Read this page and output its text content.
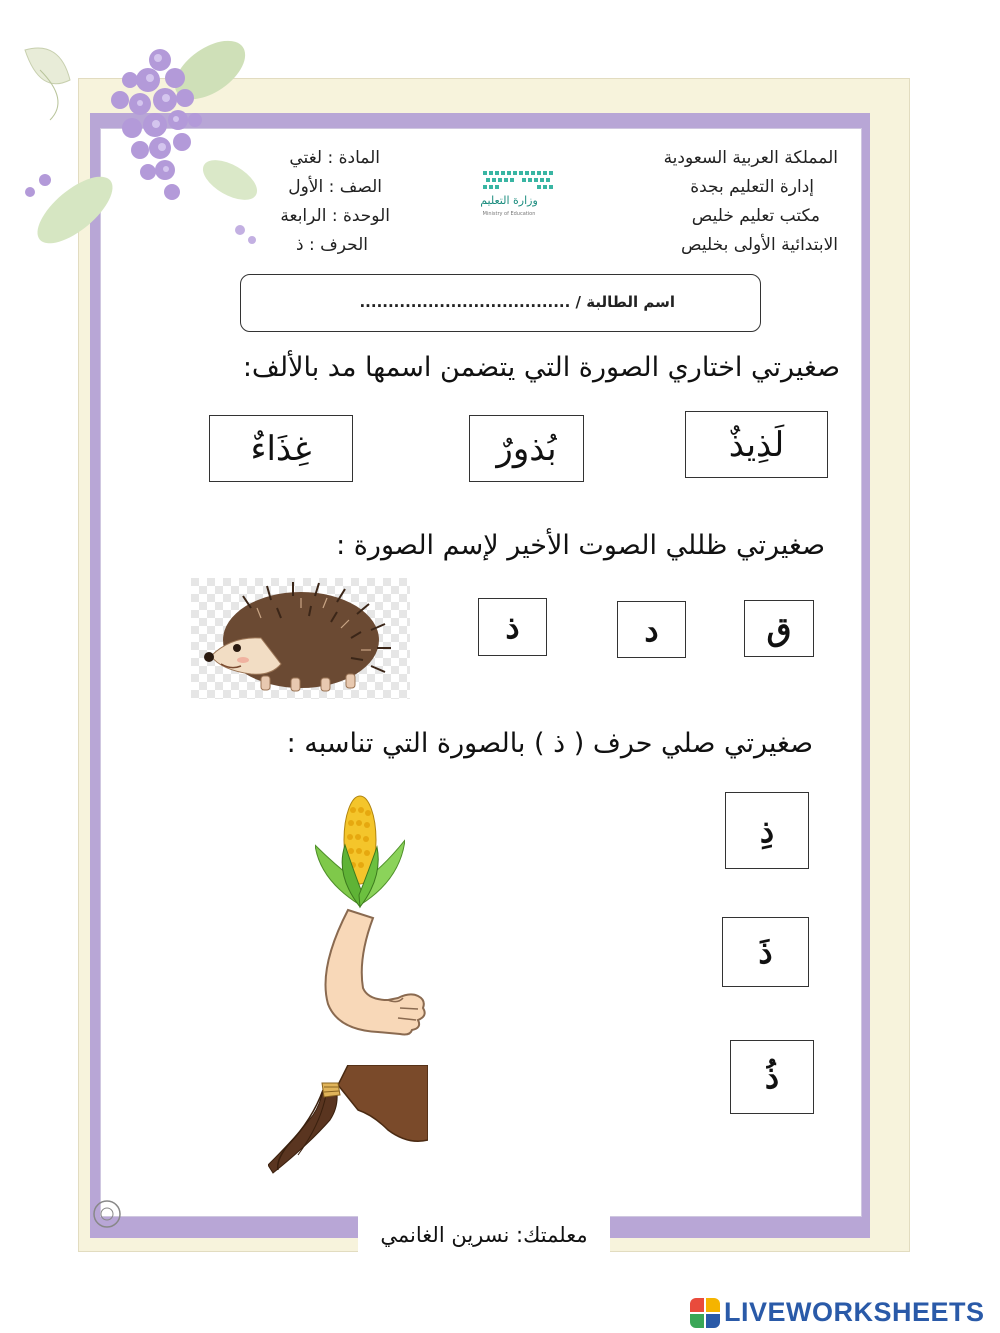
المملكة العربية السعودية
إدارة التعليم بجدة
مكتب تعليم خليص
الابتدائية الأولى بخليص
المادة : لغتي
الصف : الأول
الوحدة : الرابعة
الحرف : ذ
وزارة التعليم
Ministry of Education
اسم الطالبة / .....................................
صغيرتي اختاري الصورة التي يتضمن اسمها مد بالألف:
لَذِيذٌ
بُذورٌ
غِذَاءٌ
صغيرتي ظللي الصوت الأخير لإسم الصورة :
ق
د
ذ
صغيرتي صلي حرف ( ذ ) بالصورة التي تناسبه :
ذِ
ذَ
ذُ
معلمتك: نسرين الغانمي
LIVEWORKSHEETS
